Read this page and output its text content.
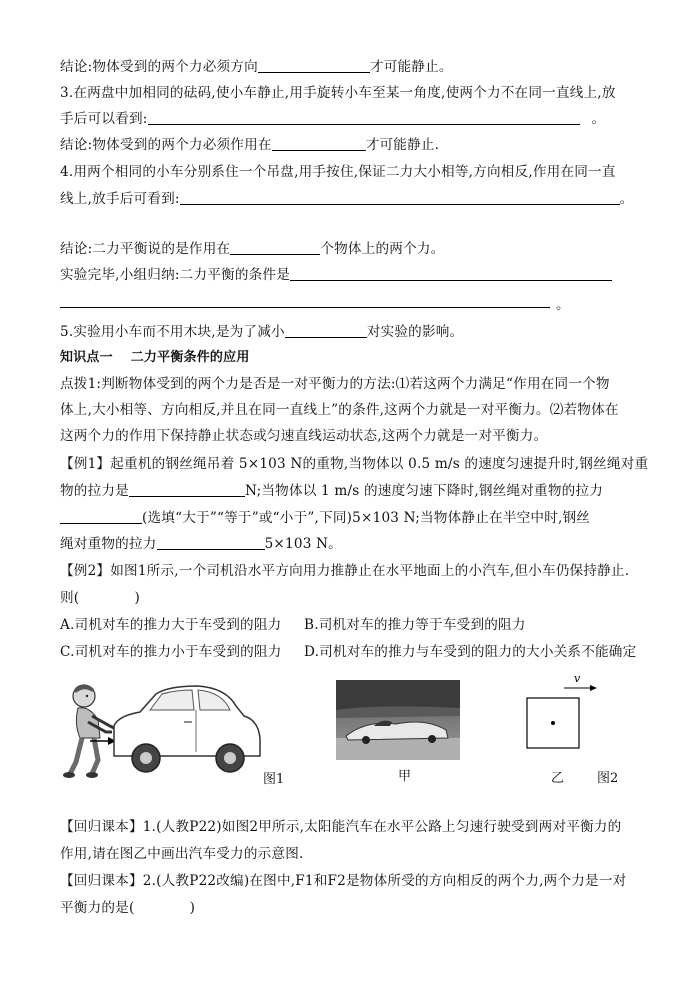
结论:物体受到的两个力必须方向	才可能静止。
3.在两盘中加相同的砝码,使小车静止,用手旋转小车至某一角度,使两个力不在同一直线上,放
手后可以看到:	。
结论:物体受到的两个力必须作用在	才可能静止.
4.用两个相同的小车分别系住一个吊盘,用手按住,保证二力大小相等,方向相反,作用在同一直
线上,放手后可看到:	。
结论:二力平衡说的是作用在	个物体上的两个力。
实验完毕,小组归纳:二力平衡的条件是
。
5.实验用小车而不用木块,是为了减小	对实验的影响。
知识点一　 二力平衡条件的应用
点拨1:判断物体受到的两个力是否是一对平衡力的方法:⑴若这两个力满足“作用在同一个物
体上,大小相等、方向相反,并且在同一直线上”的条件,这两个力就是一对平衡力。⑵若物体在
这两个力的作用下保持静止状态或匀速直线运动状态,这两个力就是一对平衡力。
【例1】起重机的钢丝绳吊着 5×103 N的重物,当物体以 0.5 m/s 的速度匀速提升时,钢丝绳对重
物的拉力是	N;当物体以 1 m/s 的速度匀速下降时,钢丝绳对重物的拉力
(选填“大于”“等于”或“小于”,下同)5×103 N;当物体静止在半空中时,钢丝
绳对重物的拉力	5×103 N。
【例2】如图1所示,一个司机沿水平方向用力推静止在水平地面上的小汽车,但小车仍保持静止.
则(　　　　)
A.司机对车的推力大于车受到的阻力 B.司机对车的推力等于车受到的阻力
C.司机对车的推力小于车受到的阻力 D.司机对车的推力与车受到的阻力的大小关系不能确定
图1	甲
v
乙	图2
【回归课本】1.(人教P22)如图2甲所示,太阳能汽车在水平公路上匀速行驶受到两对平衡力的
作用,请在图乙中画出汽车受力的示意图.
【回归课本】2.(人教P22改编)在图中,F1和F2是物体所受的方向相反的两个力,两个力是一对
平衡力的是(　　　　)
